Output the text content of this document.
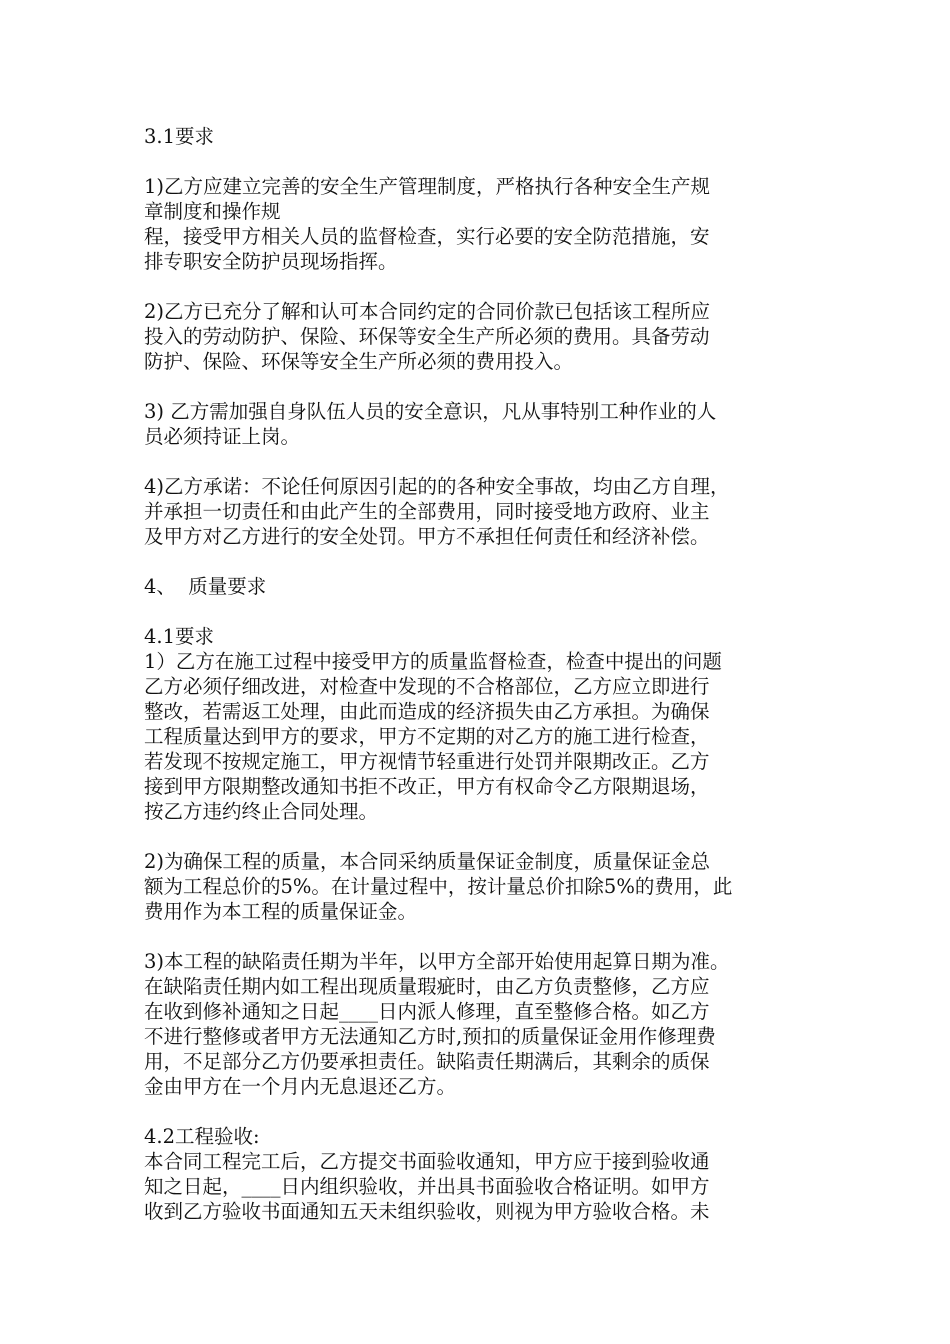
3.1要求
1)乙方应建立完善的安全生产管理制度，严格执行各种安全生产规
章制度和操作规
程，接受甲方相关人员的监督检查，实行必要的安全防范措施，安
排专职安全防护员现场指挥。
2)乙方已充分了解和认可本合同约定的合同价款已包括该工程所应
投入的劳动防护、保险、环保等安全生产所必须的费用。具备劳动
防护、保险、环保等安全生产所必须的费用投入。
3) 乙方需加强自身队伍人员的安全意识，凡从事特别工种作业的人
员必须持证上岗。
4)乙方承诺：不论任何原因引起的的各种安全事故，均由乙方自理，
并承担一切责任和由此产生的全部费用，同时接受地方政府、业主
及甲方对乙方进行的安全处罚。甲方不承担任何责任和经济补偿。
4、  质量要求
4.1要求
1）乙方在施工过程中接受甲方的质量监督检查，检查中提出的问题
乙方必须仔细改进，对检查中发现的不合格部位，乙方应立即进行
整改，若需返工处理，由此而造成的经济损失由乙方承担。为确保
工程质量达到甲方的要求，甲方不定期的对乙方的施工进行检查，
若发现不按规定施工，甲方视情节轻重进行处罚并限期改正。乙方
接到甲方限期整改通知书拒不改正，甲方有权命令乙方限期退场，
按乙方违约终止合同处理。
2)为确保工程的质量，本合同采纳质量保证金制度，质量保证金总
额为工程总价的5%。在计量过程中，按计量总价扣除5%的费用，此
费用作为本工程的质量保证金。
3)本工程的缺陷责任期为半年，以甲方全部开始使用起算日期为准。
在缺陷责任期内如工程出现质量瑕疵时，由乙方负责整修，乙方应
在收到修补通知之日起____日内派人修理，直至整修合格。如乙方
不进行整修或者甲方无法通知乙方时,预扣的质量保证金用作修理费
用，不足部分乙方仍要承担责任。缺陷责任期满后，其剩余的质保
金由甲方在一个月内无息退还乙方。
4.2工程验收:
本合同工程完工后，乙方提交书面验收通知，甲方应于接到验收通
知之日起，____日内组织验收，并出具书面验收合格证明。如甲方
收到乙方验收书面通知五天未组织验收，则视为甲方验收合格。未
